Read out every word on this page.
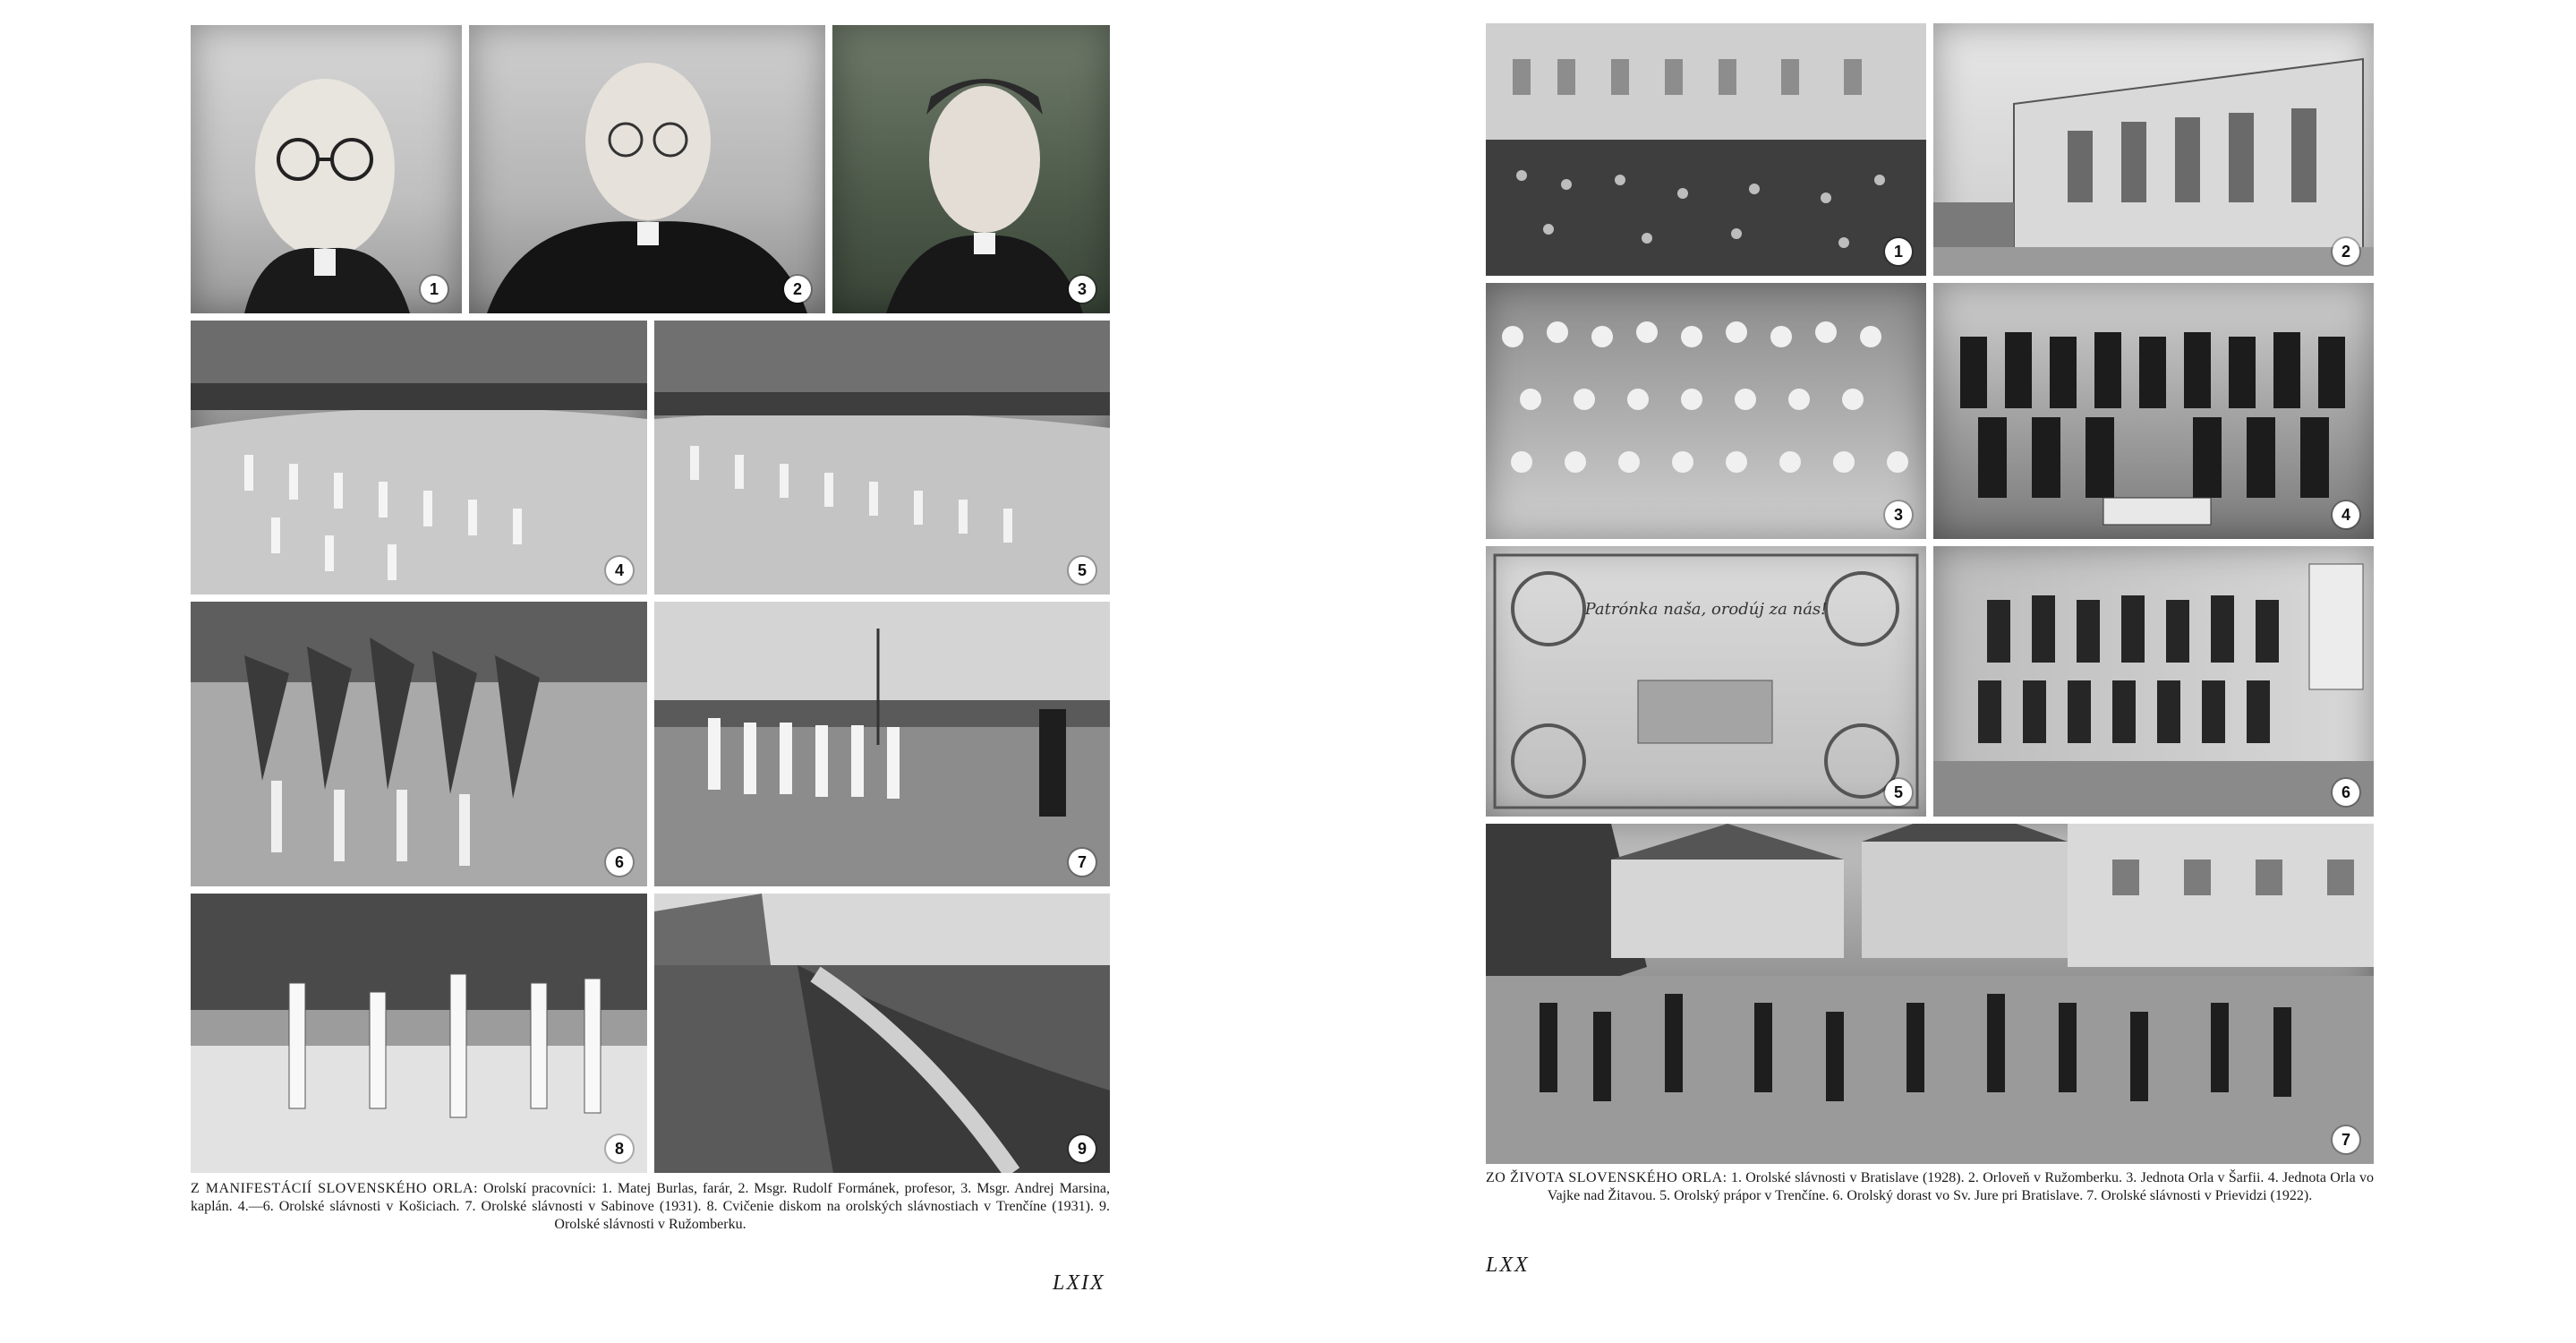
1	2	3
4	5
6	7
8	9
Z MANIFESTÁCIÍ SLOVENSKÉHO ORLA: Orolskí pracovníci: 1. Matej Burlas, farár, 2. Msgr. Rudolf Formánek, profesor, 3. Msgr. Andrej Marsina, kaplán. 4.—6. Orolské slávnosti v Košiciach. 7. Orolské slávnosti v Sabinove (1931). 8. Cvičenie diskom na orolských slávnostiach v Trenčíne (1931). 9. Orolské slávnosti v Ružomberku.
LXIX
1	2
3	4
Patrónka naša, orodúj za nás!
5	6
7
ZO ŽIVOTA SLOVENSKÉHO ORLA: 1. Orolské slávnosti v Bratislave (1928). 2. Orloveň v Ružomberku. 3. Jednota Orla v Šarfii. 4. Jednota Orla vo Vajke nad Žitavou. 5. Orolský prápor v Trenčíne. 6. Orolský dorast vo Sv. Jure pri Bratislave. 7. Orolské slávnosti v Prievidzi (1922).
LXX
